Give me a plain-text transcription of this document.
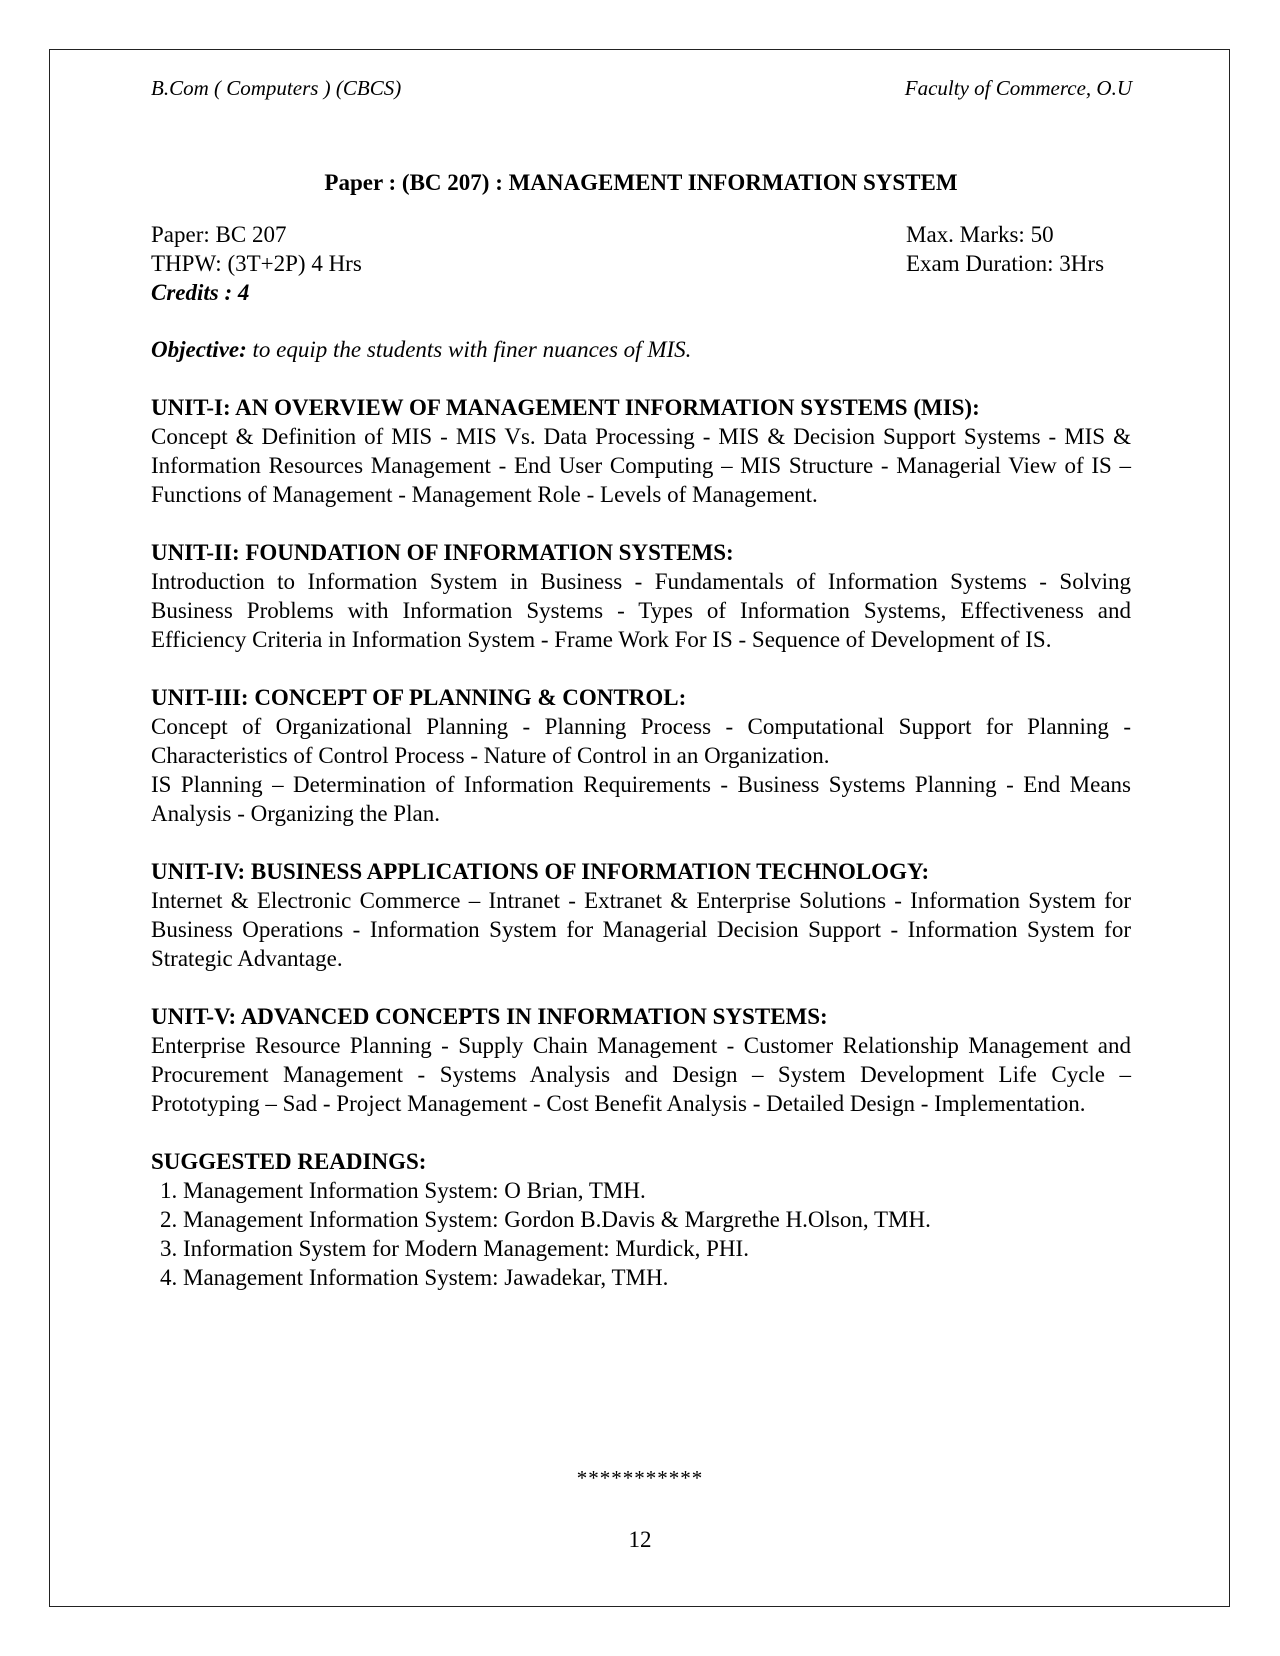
B.Com ( Computers ) (CBCS)	Faculty of Commerce, O.U
Paper : (BC 207) : MANAGEMENT INFORMATION SYSTEM
Paper: BC 207	Max. Marks: 50
THPW: (3T+2P) 4 Hrs	Exam Duration: 3Hrs
Credits : 4
Objective: to equip the students with finer nuances of MIS.
UNIT-I: AN OVERVIEW OF MANAGEMENT INFORMATION SYSTEMS (MIS):

Concept & Definition of MIS - MIS Vs. Data Processing - MIS & Decision Support Systems - MIS & Information Resources Management - End User Computing – MIS Structure - Managerial View of IS – Functions of Management - Management Role - Levels of Management.

UNIT-II: FOUNDATION OF INFORMATION SYSTEMS:

Introduction to Information System in Business - Fundamentals of Information Systems - Solving Business Problems with Information Systems - Types of Information Systems, Effectiveness and Efficiency Criteria in Information System - Frame Work For IS - Sequence of Development of IS.

UNIT-III: CONCEPT OF PLANNING & CONTROL:

Concept of Organizational Planning - Planning Process - Computational Support for Planning - Characteristics of Control Process - Nature of Control in an Organization.

IS Planning – Determination of Information Requirements - Business Systems Planning - End Means Analysis - Organizing the Plan.

UNIT-IV: BUSINESS APPLICATIONS OF INFORMATION TECHNOLOGY:

Internet & Electronic Commerce – Intranet - Extranet & Enterprise Solutions - Information System for Business Operations - Information System for Managerial Decision Support - Information System for Strategic Advantage.

UNIT-V: ADVANCED CONCEPTS IN INFORMATION SYSTEMS:

Enterprise Resource Planning - Supply Chain Management - Customer Relationship Management and Procurement Management - Systems Analysis and Design – System Development Life Cycle – Prototyping – Sad - Project Management - Cost Benefit Analysis - Detailed Design - Implementation.

SUGGESTED READINGS:
1. Management Information System: O Brian, TMH.
2. Management Information System: Gordon B.Davis & Margrethe H.Olson, TMH.
3. Information System for Modern Management: Murdick, PHI.
4. Management Information System: Jawadekar, TMH.
***********
12
